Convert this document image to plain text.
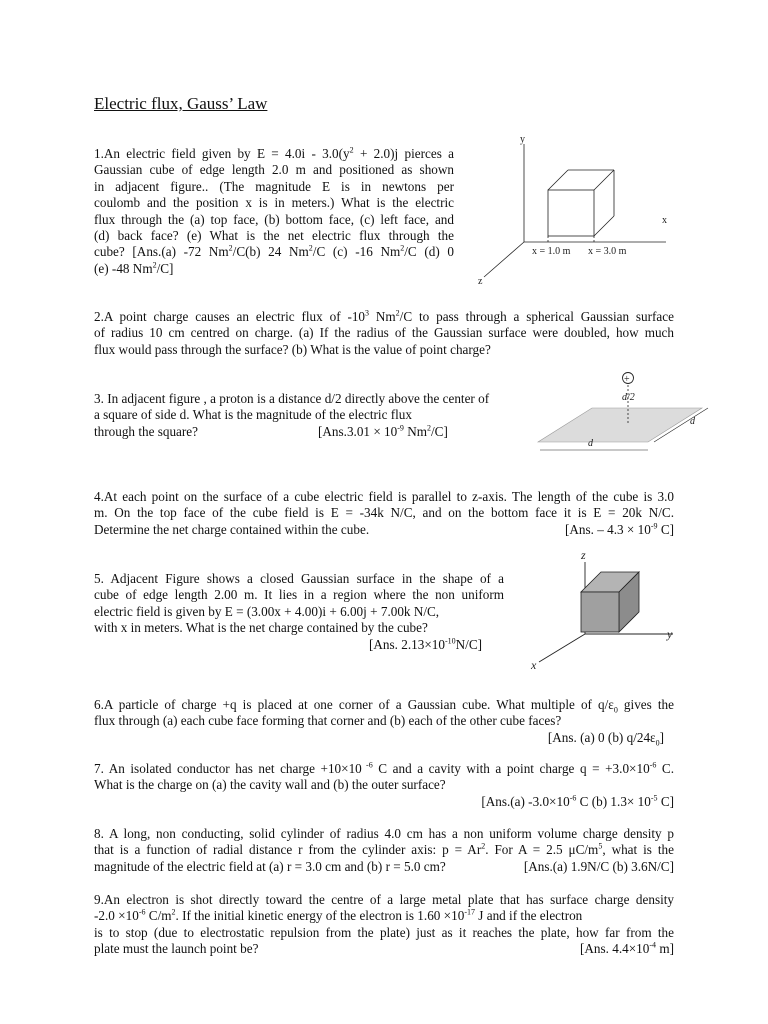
Electric flux, Gauss’ Law
1.An electric field given by $E = 4.0i - 3.0(y^2 + 2.0)j$ pierces a
Gaussian cube of edge length 2.0 m and positioned as shown
in adjacent figure.. (The magnitude E is in newtons per
coulomb and the position x is in meters.) What is the electric
flux through the (a) top face, (b) bottom face, (c) left face, and
(d) back face? (e) What is the net electric flux through the
cube? [Ans.(a) -72 Nm$^2$/C(b) 24 Nm$^2$/C (c) -16 Nm$^2$/C (d) 0
(e) -48 Nm$^2$/C]
y
x
z
x = 1.0 m x = 3.0 m
2.A point charge causes an electric flux of $-10^3$ Nm$^2$/C to pass through a spherical Gaussian surface
of radius 10 cm centred on charge. (a) If the radius of the Gaussian surface were doubled, how much
flux would pass through the surface? (b) What is the value of point charge?
3. In adjacent figure , a proton is a distance d/2 directly above the center of
a square of side d. What is the magnitude of the electric flux
through the square?	[$Ans.3.01 \times 10^{-9}$ $Nm^2/C$]
+
d/2
d
d
4.At each point on the surface of a cube electric field is parallel to z-axis. The length of the cube is 3.0
m. On the top face of the cube field is E = -34k N/C, and on the bottom face it is E = 20k N/C.
Determine the net charge contained within the cube.	[Ans. – $4.3 \times 10^{-9}$ C]
5. Adjacent Figure shows a closed Gaussian surface in the shape of a
cube of edge length 2.00 m. It lies in a region where the non uniform
electric field is given by E = (3.00x + 4.00)i + 6.00j + 7.00k N/C,
with x in meters. What is the net charge contained by the cube?
[Ans. $2.13\times 10^{-10}N/C$]
z
y
x
6.A particle of charge +q is placed at one corner of a Gaussian cube. What multiple of $q/\varepsilon_0$ gives the
flux through (a) each cube face forming that corner and (b) each of the other cube faces?
[Ans. (a) 0 (b) $q/24\varepsilon_0$]
7. An isolated conductor has net charge +10×10 $^{-6}$ C and a cavity with a point charge $q = +3.0\times 10^{-6}$ C.
What is the charge on (a) the cavity wall and (b) the outer surface?
[Ans.(a) $-3.0\times 10^{-6}$ C (b) $1.3\times 10^{-5}$ C]
8. A long, non conducting, solid cylinder of radius 4.0 cm has a non uniform volume charge density p
that is a function of radial distance r from the cylinder axis: $p = Ar^2$. For A = 2.5 $\mu C/m^5$, what is the
magnitude of the electric field at (a) r = 3.0 cm and (b) r = 5.0 cm?	[Ans.(a) 1.9N/C (b) 3.6N/C]
9.An electron is shot directly toward the centre of a large metal plate that has surface charge density
$-2.0 \times 10^{-6}$ $C/m^2$. If the initial kinetic energy of the electron is $1.60 \times 10^{-17}$ J and if the electron
is to stop (due to electrostatic repulsion from the plate) just as it reaches the plate, how far from the
plate must the launch point be?	[Ans. $4.4\times 10^{-4}$ m]
